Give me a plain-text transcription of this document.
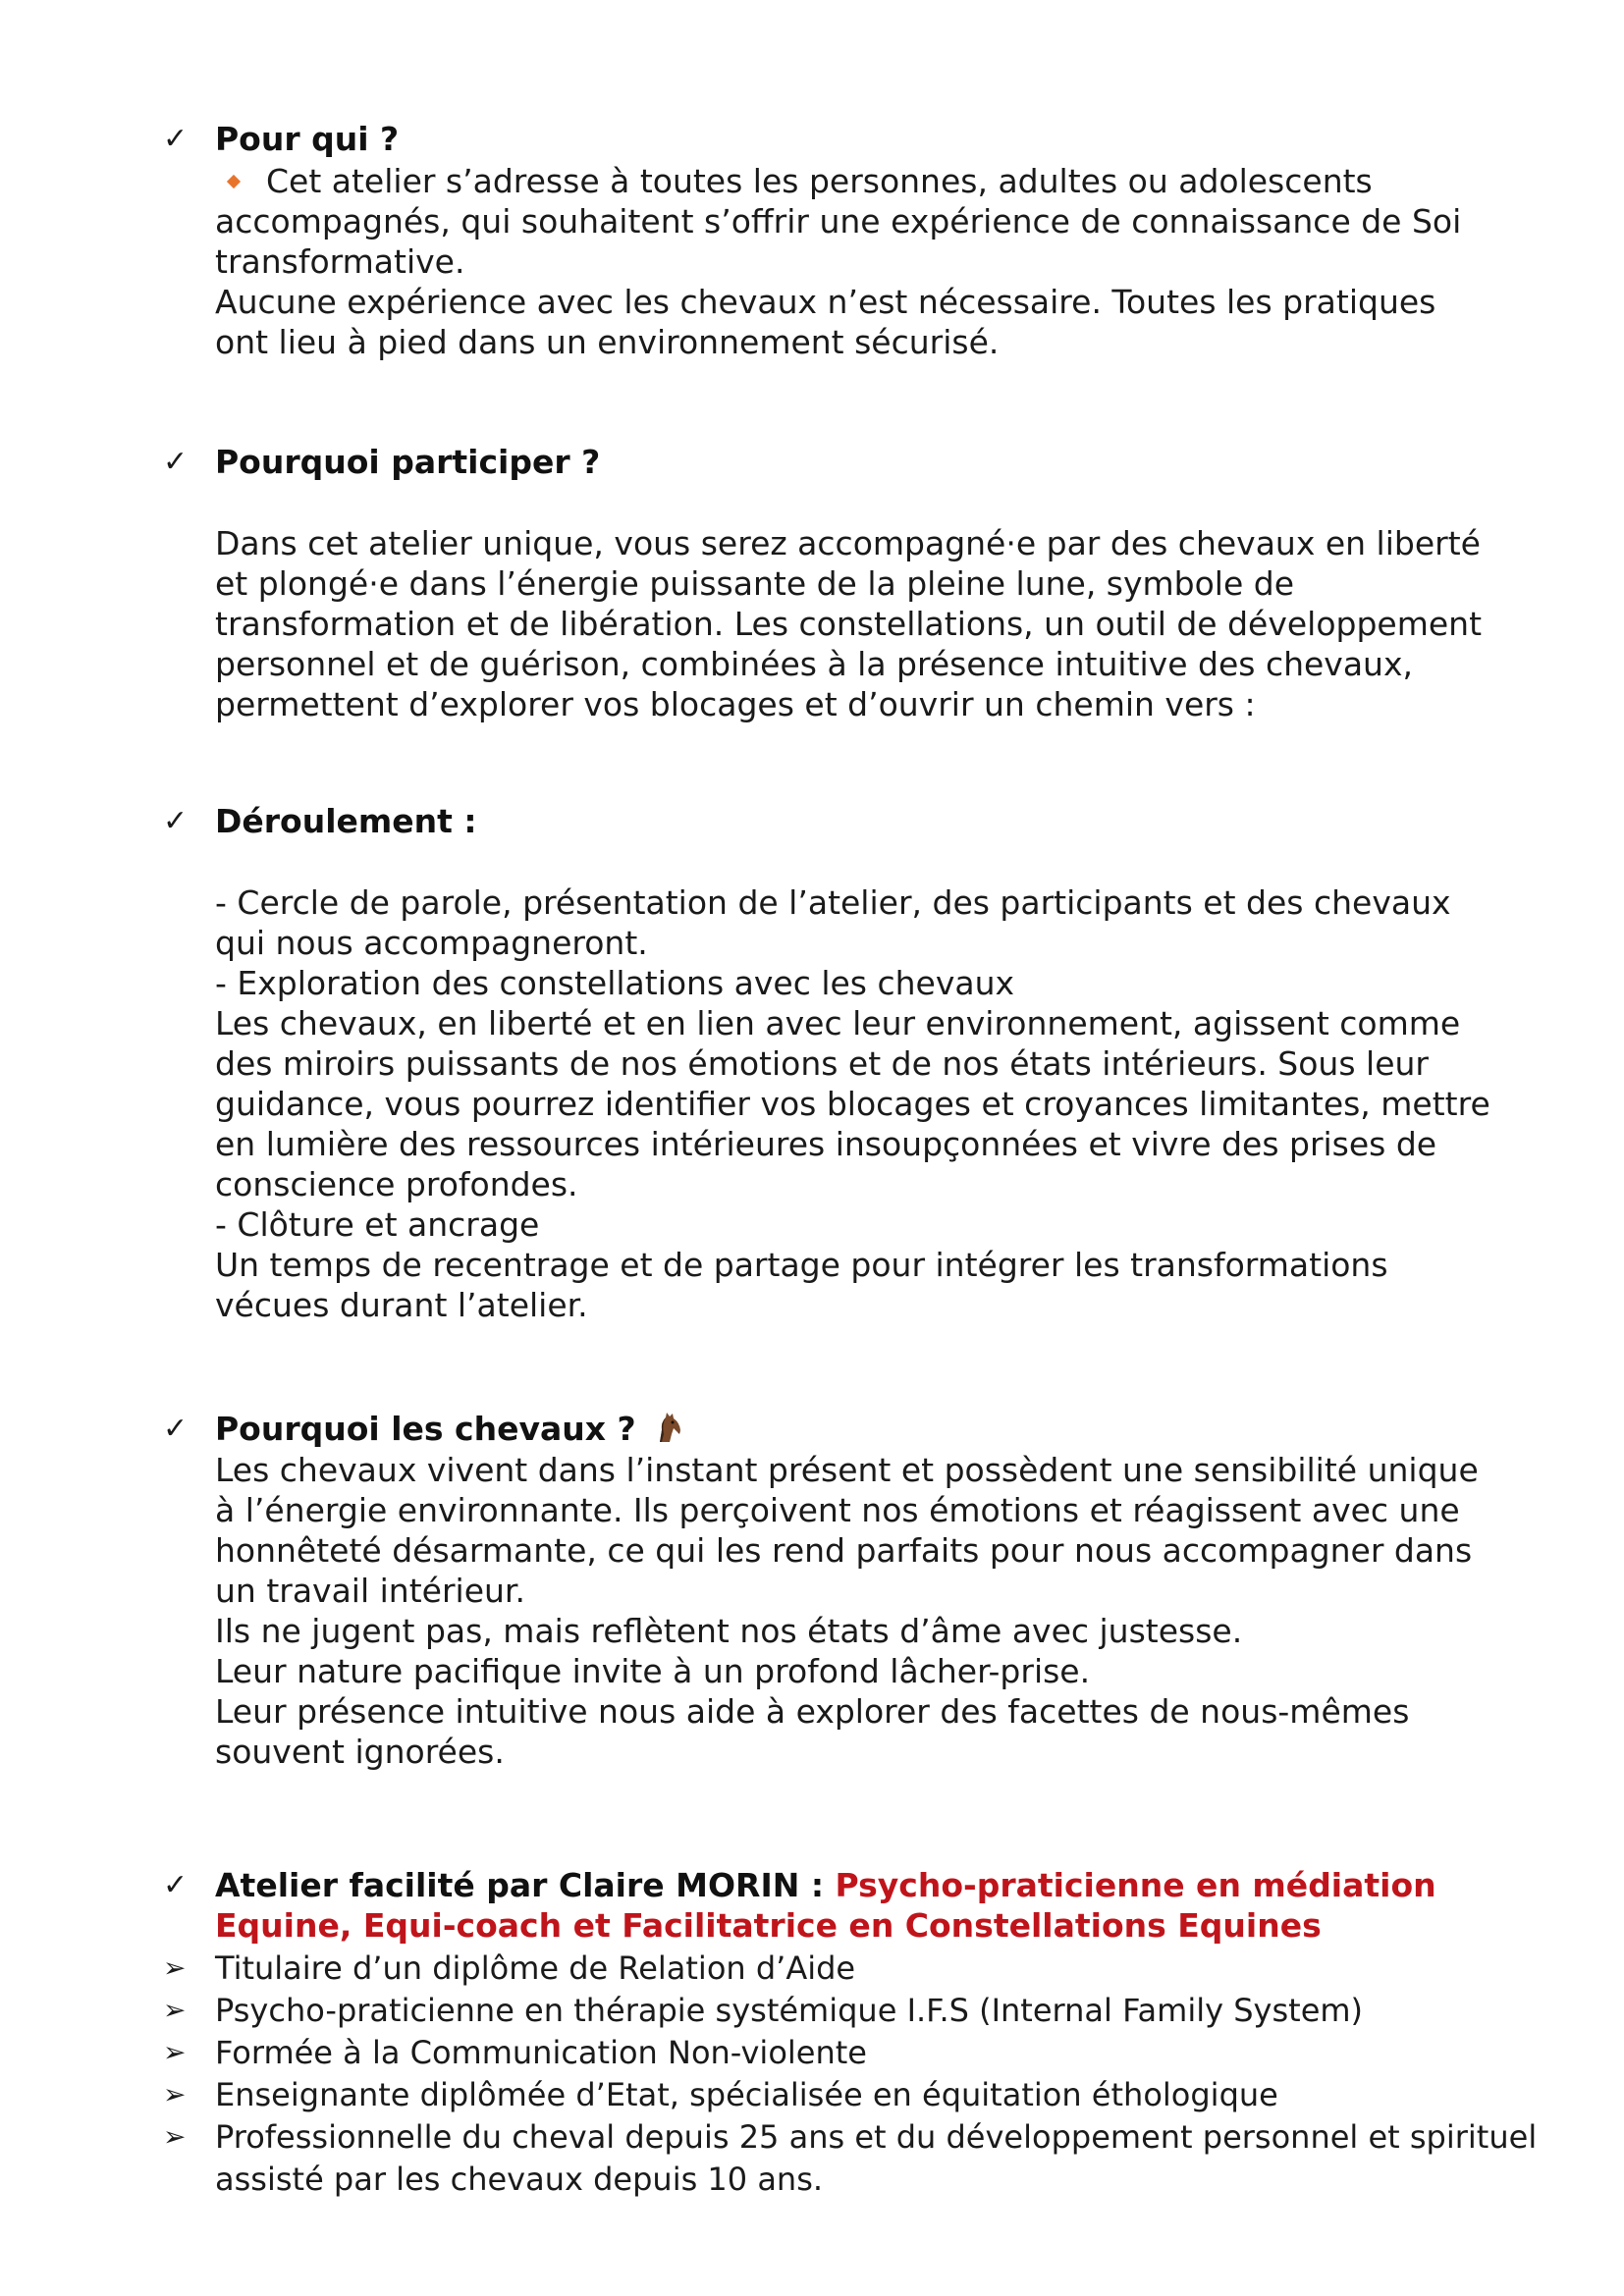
✓ Pour qui ?
Cet atelier s’adresse à toutes les personnes, adultes ou adolescents
accompagnés, qui souhaitent s’offrir une expérience de connaissance de Soi
transformative.
Aucune expérience avec les chevaux n’est nécessaire. Toutes les pratiques
ont lieu à pied dans un environnement sécurisé.
✓ Pourquoi participer ?
Dans cet atelier unique, vous serez accompagné·e par des chevaux en liberté
et plongé·e dans l’énergie puissante de la pleine lune, symbole de
transformation et de libération. Les constellations, un outil de développement
personnel et de guérison, combinées à la présence intuitive des chevaux,
permettent d’explorer vos blocages et d’ouvrir un chemin vers :
✓ Déroulement :
- Cercle de parole, présentation de l’atelier, des participants et des chevaux
qui nous accompagneront.
- Exploration des constellations avec les chevaux
Les chevaux, en liberté et en lien avec leur environnement, agissent comme
des miroirs puissants de nos émotions et de nos états intérieurs. Sous leur
guidance, vous pourrez identifier vos blocages et croyances limitantes, mettre
en lumière des ressources intérieures insoupçonnées et vivre des prises de
conscience profondes.
- Clôture et ancrage
Un temps de recentrage et de partage pour intégrer les transformations
vécues durant l’atelier.
✓ Pourquoi les chevaux ?
Les chevaux vivent dans l’instant présent et possèdent une sensibilité unique
à l’énergie environnante. Ils perçoivent nos émotions et réagissent avec une
honnêteté désarmante, ce qui les rend parfaits pour nous accompagner dans
un travail intérieur.
Ils ne jugent pas, mais reflètent nos états d’âme avec justesse.
Leur nature pacifique invite à un profond lâcher-prise.
Leur présence intuitive nous aide à explorer des facettes de nous-mêmes
souvent ignorées.
✓ Atelier facilité par Claire MORIN : Psycho-praticienne en médiation
Equine, Equi-coach et Facilitatrice en Constellations Equines
➢ Titulaire d’un diplôme de Relation d’Aide
➢ Psycho-praticienne en thérapie systémique I.F.S (Internal Family System)
➢ Formée à la Communication Non-violente
➢ Enseignante diplômée d’Etat, spécialisée en équitation éthologique
➢ Professionnelle du cheval depuis 25 ans et du développement personnel et spirituel
assisté par les chevaux depuis 10 ans.
